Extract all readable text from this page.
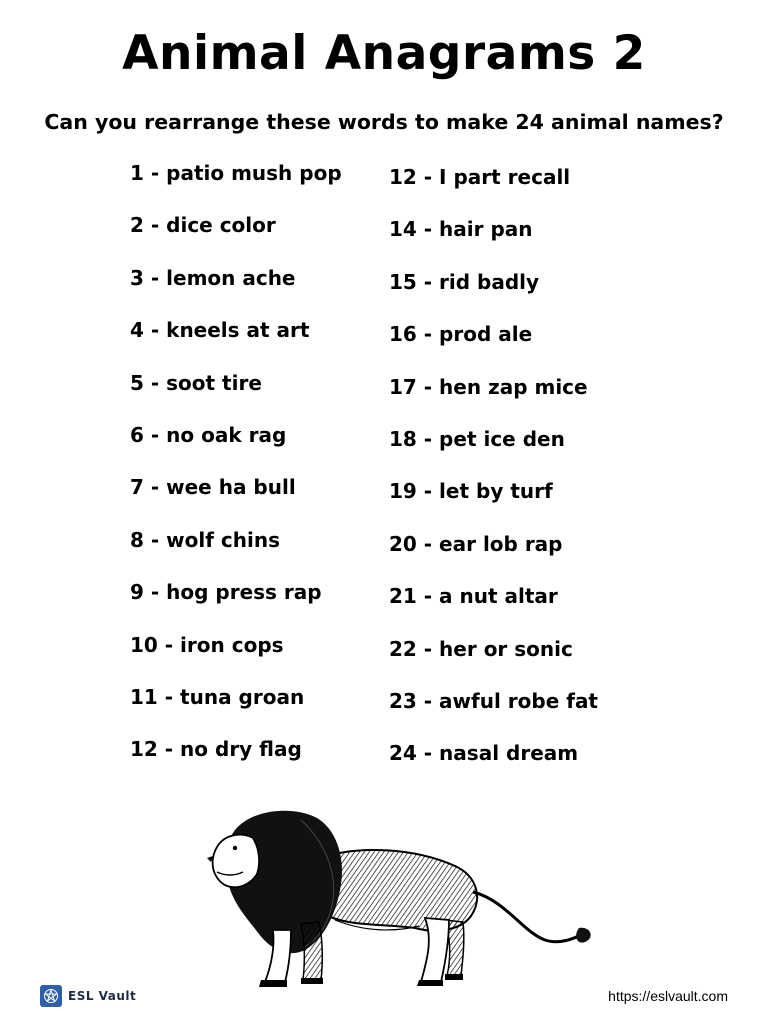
Animal Anagrams 2
Can you rearrange these words to make 24 animal names?
1 - patio mush pop
2 - dice color
3 - lemon ache
4 - kneels at art
5 - soot tire
6 - no oak rag
7 - wee ha bull
8 - wolf chins
9 - hog press rap
10 - iron cops
11 - tuna groan
12 - no dry flag
12 - I part recall
14 - hair pan
15 - rid badly
16 - prod ale
17 - hen zap mice
18 - pet ice den
19 - let by turf
20 - ear lob rap
21 - a nut altar
22 - her or sonic
23 - awful robe fat
24 - nasal dream
ESL Vault	https://eslvault.com
